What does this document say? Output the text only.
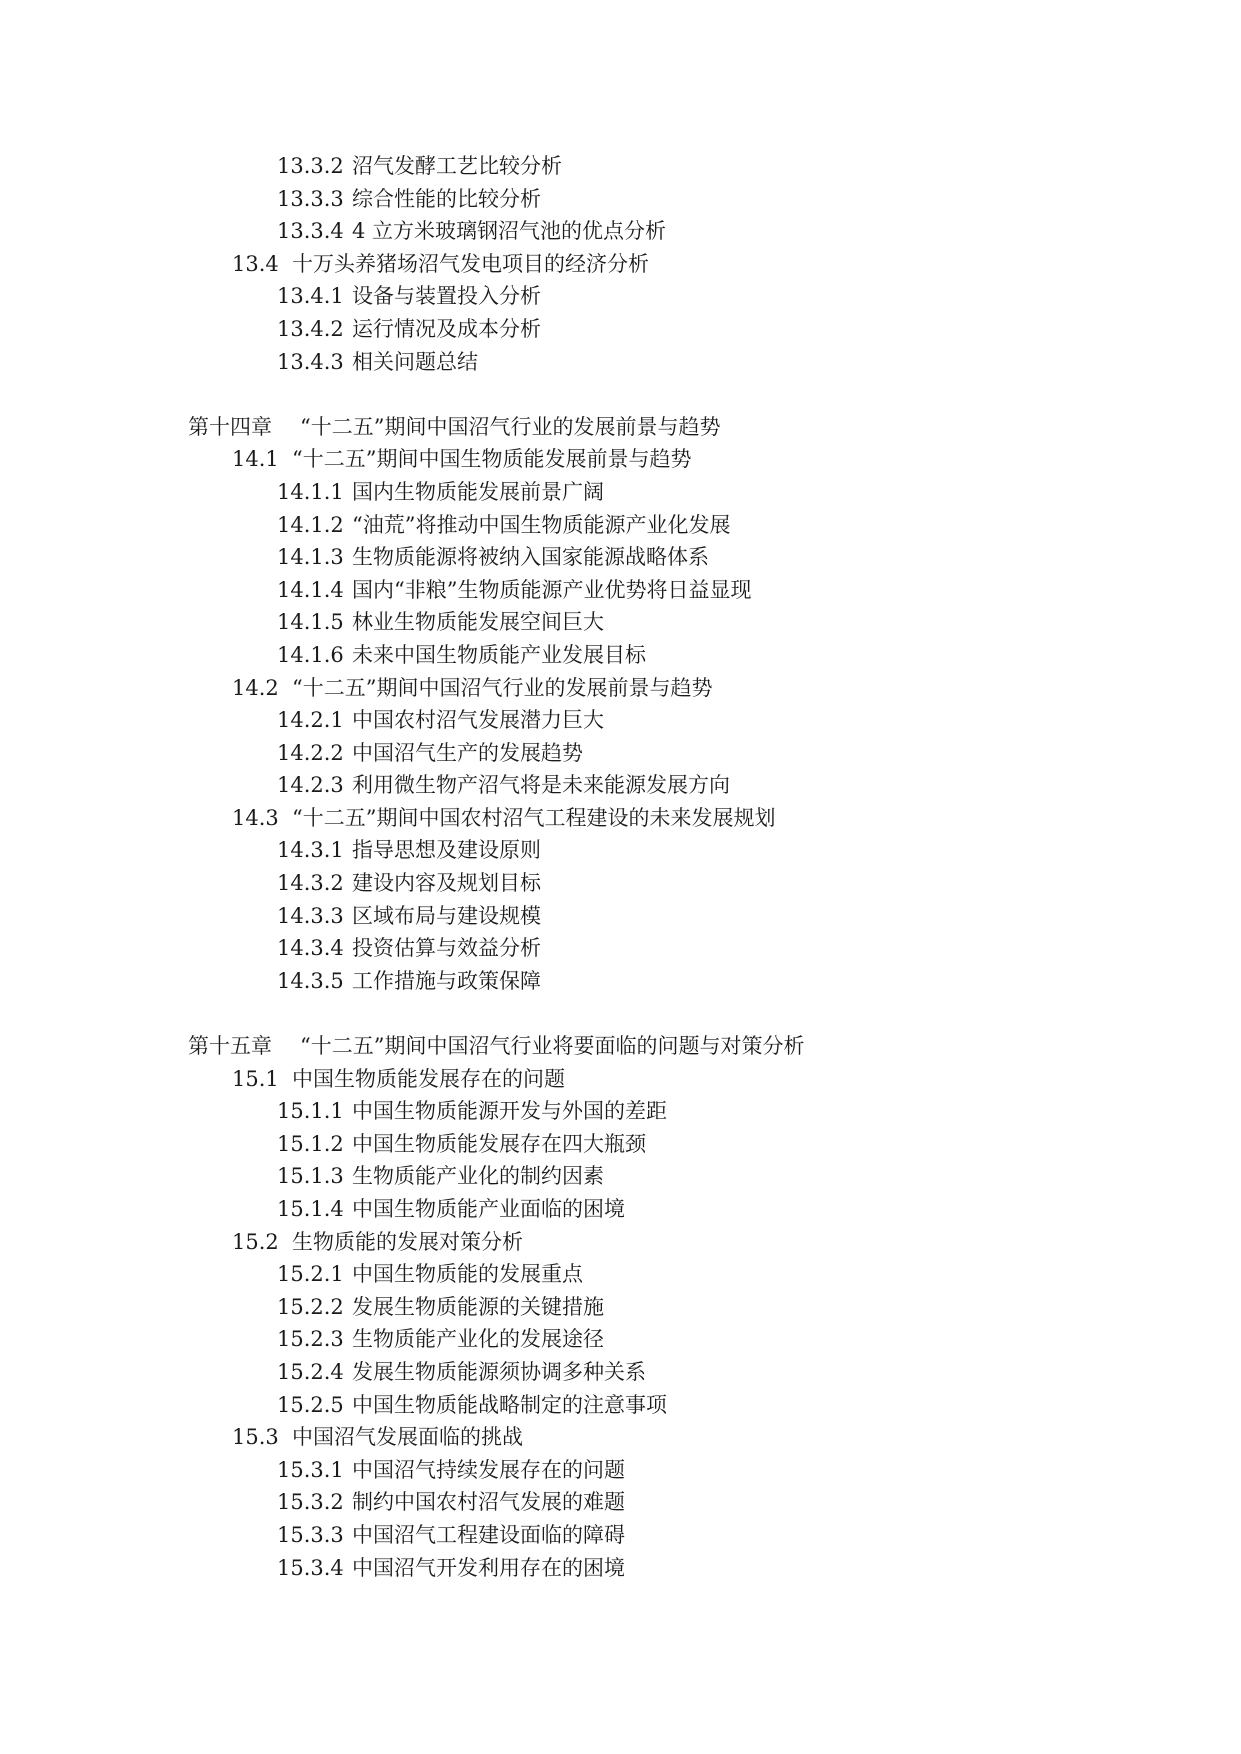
13.3.2 沼气发酵工艺比较分析
13.3.3 综合性能的比较分析
13.3.4 4 立方米玻璃钢沼气池的优点分析
13.4 十万头养猪场沼气发电项目的经济分析
13.4.1 设备与装置投入分析
13.4.2 运行情况及成本分析
13.4.3 相关问题总结
第十四章 “十二五”期间中国沼气行业的发展前景与趋势
14.1 “十二五”期间中国生物质能发展前景与趋势
14.1.1 国内生物质能发展前景广阔
14.1.2 “油荒”将推动中国生物质能源产业化发展
14.1.3 生物质能源将被纳入国家能源战略体系
14.1.4 国内“非粮”生物质能源产业优势将日益显现
14.1.5 林业生物质能发展空间巨大
14.1.6 未来中国生物质能产业发展目标
14.2 “十二五”期间中国沼气行业的发展前景与趋势
14.2.1 中国农村沼气发展潜力巨大
14.2.2 中国沼气生产的发展趋势
14.2.3 利用微生物产沼气将是未来能源发展方向
14.3 “十二五”期间中国农村沼气工程建设的未来发展规划
14.3.1 指导思想及建设原则
14.3.2 建设内容及规划目标
14.3.3 区域布局与建设规模
14.3.4 投资估算与效益分析
14.3.5 工作措施与政策保障
第十五章 “十二五”期间中国沼气行业将要面临的问题与对策分析
15.1 中国生物质能发展存在的问题
15.1.1 中国生物质能源开发与外国的差距
15.1.2 中国生物质能发展存在四大瓶颈
15.1.3 生物质能产业化的制约因素
15.1.4 中国生物质能产业面临的困境
15.2 生物质能的发展对策分析
15.2.1 中国生物质能的发展重点
15.2.2 发展生物质能源的关键措施
15.2.3 生物质能产业化的发展途径
15.2.4 发展生物质能源须协调多种关系
15.2.5 中国生物质能战略制定的注意事项
15.3 中国沼气发展面临的挑战
15.3.1 中国沼气持续发展存在的问题
15.3.2 制约中国农村沼气发展的难题
15.3.3 中国沼气工程建设面临的障碍
15.3.4 中国沼气开发利用存在的困境
